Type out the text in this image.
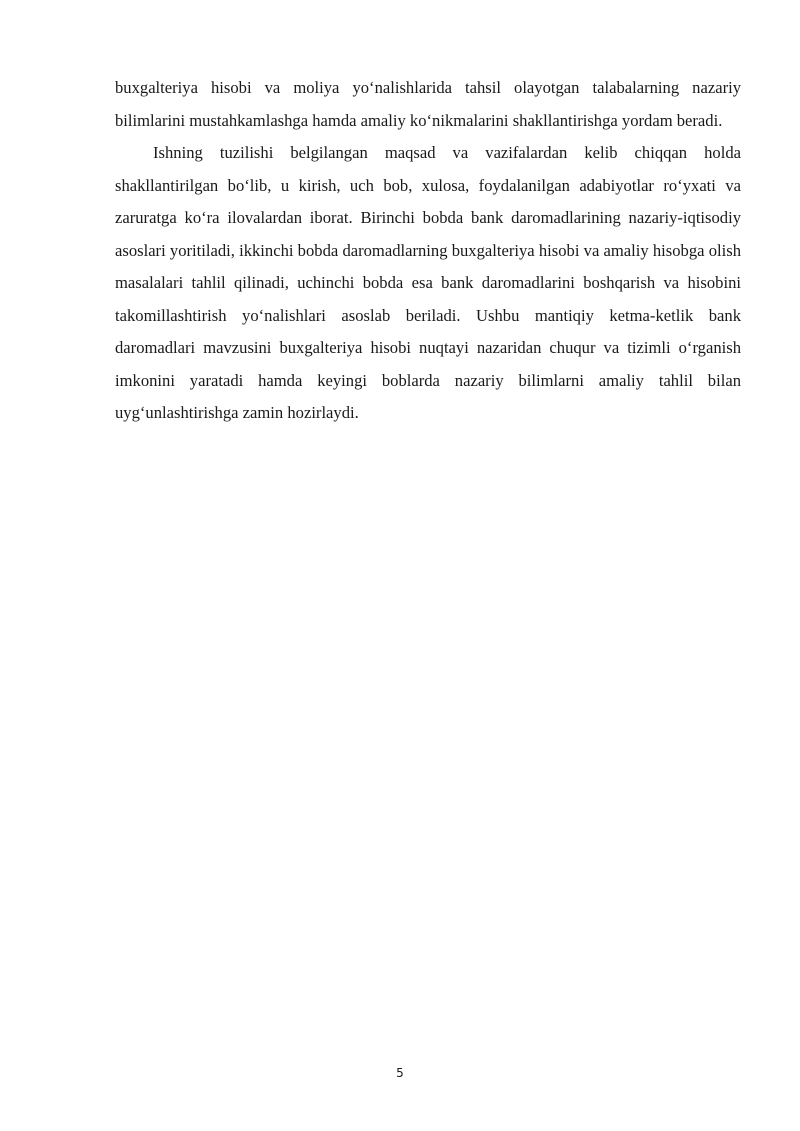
buxgalteriya hisobi va moliya yo‘nalishlarida tahsil olayotgan talabalarning nazariy bilimlarini mustahkamlashga hamda amaliy ko‘nikmalarini shakllantirishga yordam beradi.

Ishning tuzilishi belgilangan maqsad va vazifalardan kelib chiqqan holda shakllantirilgan bo‘lib, u kirish, uch bob, xulosa, foydalanilgan adabiyotlar ro‘yxati va zaruratga ko‘ra ilovalardan iborat. Birinchi bobda bank daromadlarining nazariy-iqtisodiy asoslari yoritiladi, ikkinchi bobda daromadlarning buxgalteriya hisobi va amaliy hisobga olish masalalari tahlil qilinadi, uchinchi bobda esa bank daromadlarini boshqarish va hisobini takomillashtirish yo‘nalishlari asoslab beriladi. Ushbu mantiqiy ketma-ketlik bank daromadlari mavzusini buxgalteriya hisobi nuqtayi nazaridan chuqur va tizimli o‘rganish imkonini yaratadi hamda keyingi boblarda nazariy bilimlarni amaliy tahlil bilan uyg‘unlashtirishga zamin hozirlaydi.

5
